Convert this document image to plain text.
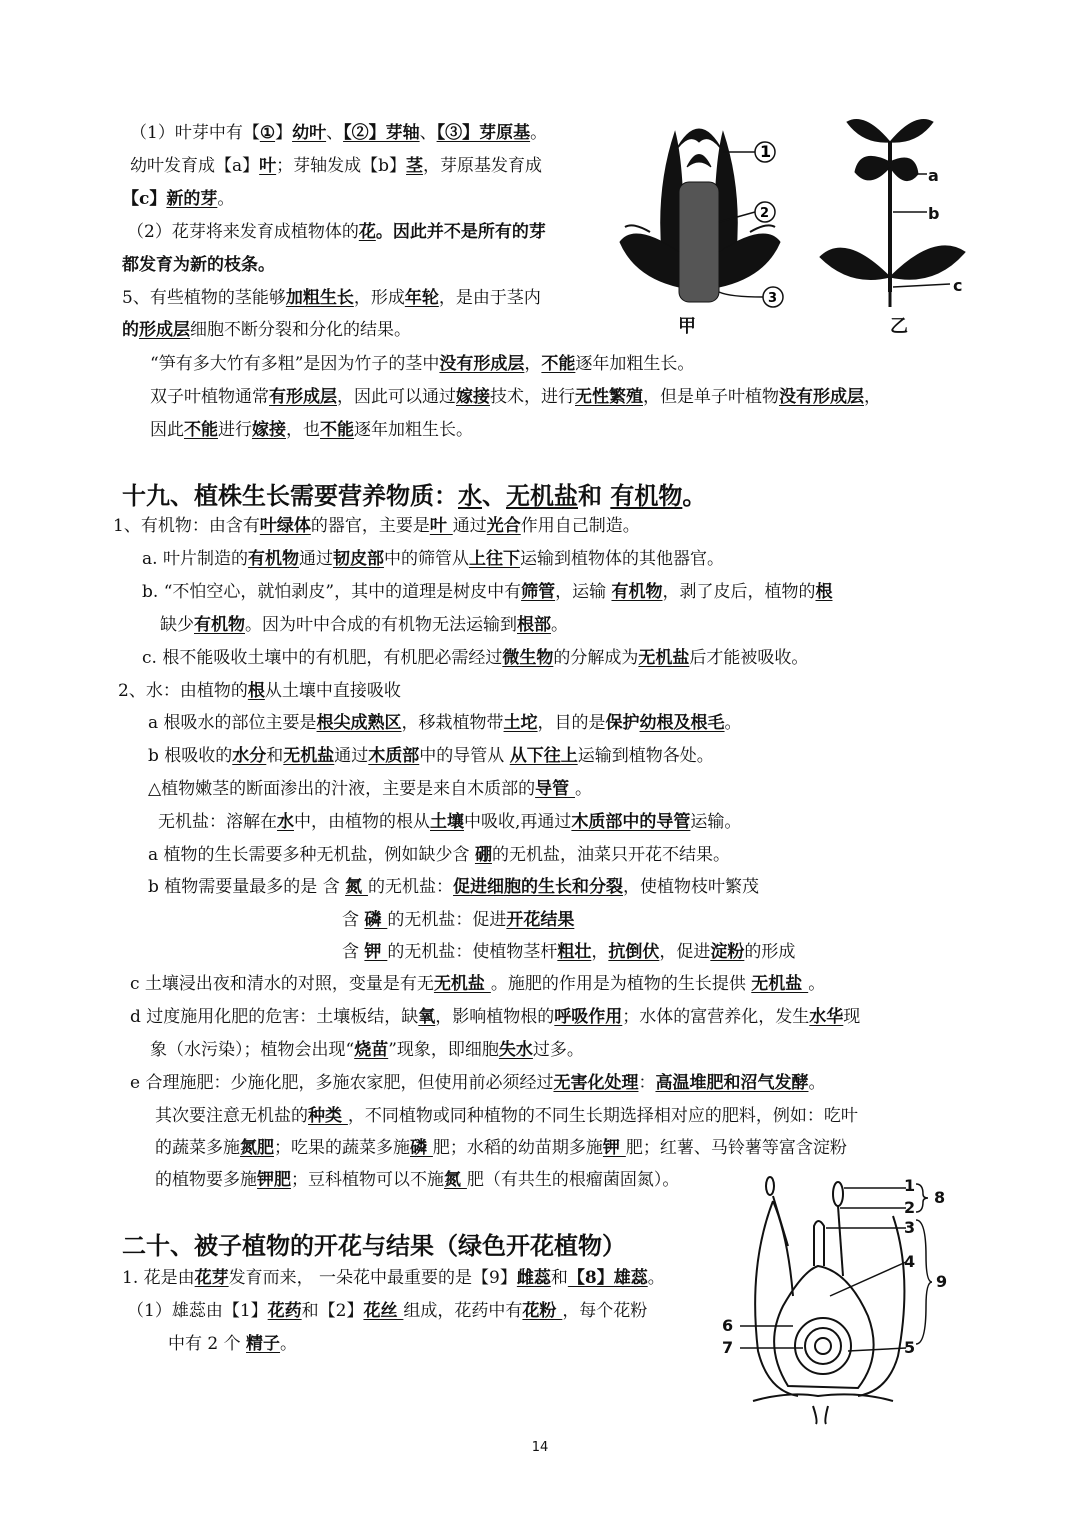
（1）叶芽中有【①】幼叶、【②】芽轴、【③】芽原基。
幼叶发育成【a】叶；芽轴发成【b】茎，芽原基发育成
【c】新的芽。
（2）花芽将来发育成植物体的花。因此并不是所有的芽
都发育为新的枝条。
5、有些植物的茎能够加粗生长，形成年轮，是由于茎内
的形成层细胞不断分裂和分化的结果。
“笋有多大竹有多粗”是因为竹子的茎中没有形成层，不能逐年加粗生长。
双子叶植物通常有形成层，因此可以通过嫁接技术，进行无性繁殖，但是单子叶植物没有形成层，
因此不能进行嫁接，也不能逐年加粗生长。
1
2
3
a
b
c
甲	乙
十九、植株生长需要营养物质：水、无机盐和 有机物。
1、有机物：由含有叶绿体的器官，主要是叶 通过光合作用自己制造。
a. 叶片制造的有机物通过韧皮部中的筛管从上往下运输到植物体的其他器官。
b. “不怕空心，就怕剥皮”，其中的道理是树皮中有筛管，运输 有机物，剥了皮后，植物的根
缺少有机物。因为叶中合成的有机物无法运输到根部。
c. 根不能吸收土壤中的有机肥，有机肥必需经过微生物的分解成为无机盐后才能被吸收。
2、水：由植物的根从土壤中直接吸收
a 根吸水的部位主要是根尖成熟区，移栽植物带土坨，目的是保护幼根及根毛。
b 根吸收的水分和无机盐通过木质部中的导管从 从下往上运输到植物各处。
△植物嫩茎的断面渗出的汁液，主要是来自木质部的导管 。
无机盐：溶解在水中，由植物的根从土壤中吸收,再通过木质部中的导管运输。
a 植物的生长需要多种无机盐，例如缺少含 硼的无机盐，油菜只开花不结果。
b 植物需要量最多的是 含 氮 的无机盐：促进细胞的生长和分裂，使植物枝叶繁茂
含 磷 的无机盐：促进开花结果
含 钾 的无机盐：使植物茎杆粗壮，抗倒伏，促进淀粉的形成
c 土壤浸出夜和清水的对照，变量是有无无机盐 。施肥的作用是为植物的生长提供 无机盐 。
d 过度施用化肥的危害：土壤板结，缺氧，影响植物根的呼吸作用；水体的富营养化，发生水华现
象（水污染）；植物会出现“烧苗”现象，即细胞失水过多。
e 合理施肥：少施化肥，多施农家肥，但使用前必须经过无害化处理：高温堆肥和沼气发酵。
其次要注意无机盐的种类 ，不同植物或同种植物的不同生长期选择相对应的肥料，例如：吃叶
的蔬菜多施氮肥；吃果的蔬菜多施磷 肥；水稻的幼苗期多施钾 肥；红薯、马铃薯等富含淀粉
的植物要多施钾肥；豆科植物可以不施氮 肥（有共生的根瘤菌固氮）。
二十、被子植物的开花与结果（绿色开花植物）
1. 花是由花芽发育而来， 一朵花中最重要的是【9】雌蕊和【8】雄蕊。
（1）雄蕊由【1】花药和【2】花丝 组成，花药中有花粉 ，每个花粉
中有 2 个 精子。
1
2
3
4
5
6
7
8
9
14
